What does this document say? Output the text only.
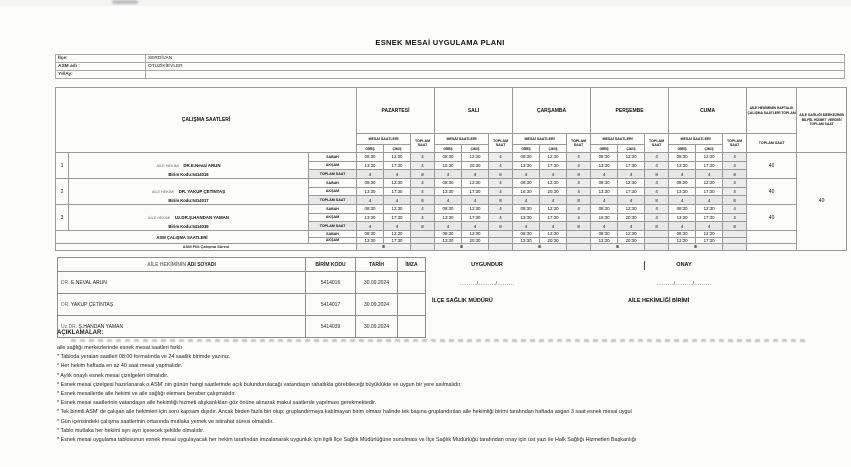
ESNEK MESAİ UYGULAMA PLANI
İlçe:	SERDİVAN
ASM adı :	OTUZİKİEVLER
Yıl/Ay:	
ÇALIŞMA SAATLERİ			PAZARTESİ			SALI			ÇARŞAMBA			PERŞEMBE			CUMA			AİLE HEKİMİNİN HAFTALIK ÇALIŞMA SAATLERİ TOPLAM	AİLE SAĞLIĞI MERKEZİNİN BİLFİİL HİZMET VERDİĞİ TOPLAM SAAT
			MESAİ SAATLERİ		TOPLAM SAAT	MESAİ SAATLERİ		TOPLAM SAAT	MESAİ SAATLERİ		TOPLAM SAAT	MESAİ SAATLERİ		TOPLAM SAAT	MESAİ SAATLERİ		TOPLAM SAAT	TOPLAM SAAT	
			GİRİŞ	ÇIKIŞ		GİRİŞ	ÇIKIŞ		GİRİŞ	ÇIKIŞ		GİRİŞ	ÇIKIŞ		GİRİŞ	ÇIKIŞ			
1	AİLE HEKİMİ DR.E.Neval ARUN
Birim Kodu:5414016	SABAH	08:30	12:30	4	08:30	12:30	4	08:30	12:30	4	08:30	12:30	4	08:30	12:30	4	40	40
		AKŞAM	13:30	17:30	4	16:30	20:30	4	13:30	17:30	4	13:30	17:30	4	13:30	17:30	4		
		TOPLAM SAAT	4	4	8	4	4	8	4	4	8	4	4	8	4	4	8		
2	AİLE HEKİMİ DR. YAKUP ÇETİNTAŞ
Birim Kodu:5414017	SABAH	08:30	12:30	4	08:30	12:30	4	08:30	12:30	4	08:30	12:30	4	08:30	12:30	4	40	
		AKŞAM	13:30	17:30	4	13:30	17:30	4	16:30	20:30	4	13:30	17:30	4	13:30	17:30	4		
		TOPLAM SAAT	4	4	8	4	4	8	4	4	8	4	4	8	4	4	8		
3	AİLE HEKİMİ Uz.DR.Ş.HANDAN YAMAN
Birim Kodu:5414039	SABAH	08:30	12:30	4	08:30	12:30	4	08:30	12:30	4	08:30	12:30	4	08:30	12:30	4	40	
		AKŞAM	13:30	17:30	4	13:30	17:30	4	13:30	17:30	4	16:30	20:30	4	13:30	17:30	4		
		TOPLAM SAAT	4	4	8	4	4	8	4	4	8	4	4	8	4	4	8		
ASM ÇALIŞMA SAATLERİ		SABAH	08:30	12:30		08:30	12:30		08:30	12:30		08:30	12:30		08:30	12:30			
		AKŞAM	13:30	17:30		13:30	20:30		13:30	20:30		12:30	20:30		13:30	17:30			
ASM Fiili Çalışma Süresi			8			8			8			8			8				
AİLE HEKİMİNİN ADI SOYADI	BİRİM KODU	TARİH	İMZA
DR. E.NEVAL ARUN	5414016	30.09.2024	
DR. YAKUP ÇETİNTAŞ	5414017	30.09.2024	
Uz.DR. Ş.HANDAN YAMAN	5414039	30.09.2024	
UYGUNDUR
........./........./.........
İLÇE SAĞLIK MÜDÜRÜ
ONAY
........./........./.........
AİLE HEKİMLİĞİ BİRİMİ
AÇIKLAMALAR:
aile sağlığı merkezlerinde esnek mesai saatleri farklı
* Tabloda yeralan saatleri 08:00 formatında ve 24 saatlik birimde yazınız.
* Her hekim haftada en az 40 saat mesai yapmalıdır.
* Aylık onaylı esnek mesai çizelgeleri olmalıdır.
* Esnek mesai çizelgesi hazırlanarak o ASM' nin günün hangi saatlerinde açık bulundurulacağı vatandaşın rahatlıkla görebileceği büyüklükte ve uygun bir yere asılmalıdır.
* Esnek mesailerde aile hekimi ve aile sağlığı elemanı beraber çalışmalıdır.
* Esnek mesai saatlerinin vatandaşın aile hekimliği hizmeti alışkanlıkları göz önüne alınarak makul saatlerde yapılması gerekmektedir.
* Tek birimli ASM' de çalışan aile hekimleri için soru kapsam dışıdır. Ancak birden fazla biri olup; gruplandırmaya katılmayan birim olması halinde tek başına gruplandırılan aile hekimliği birimi tarafından haftada asgari 3 saat esnek mesai uygul
* Gün içerisindeki çalışma saatlerinin ortasında mutlaka yemek ve istirahat süresi olmalıdır.
* Tablo mutlaka her hekimi ayrı ayrı içerecek şekilde olmalıdır.
* Esnek mesai uygulama tablosunun esnek mesai uygulayacak her hekim tarafından imzalanarak uygunluk için ilgili İlçe Sağlık Müdürlüğüne sunulması ve İlçe Sağlık Müdürlüğü tarafından onay için üst yazı ile Halk Sağlığı Hizmetleri Başkanlığı
